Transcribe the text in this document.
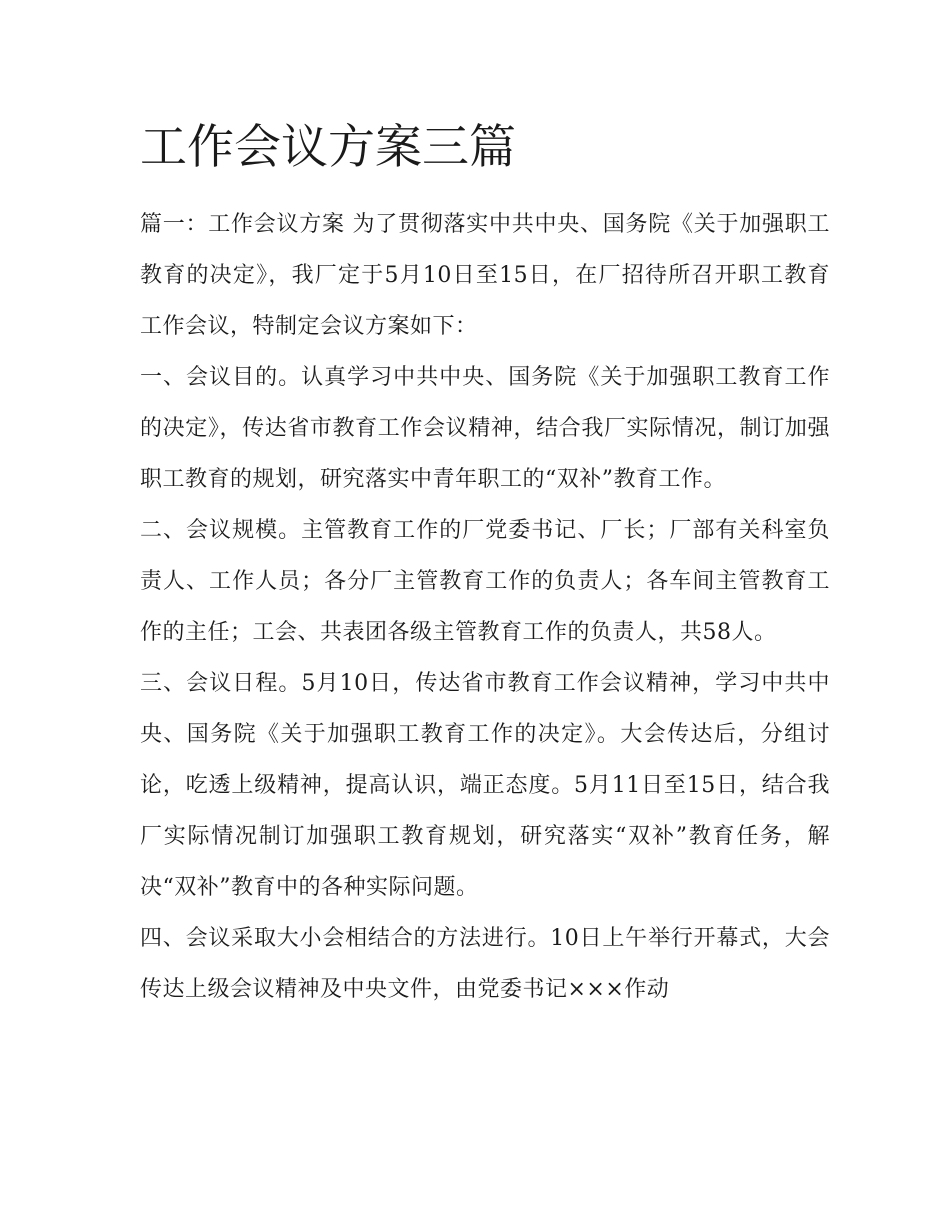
工作会议方案三篇

篇一：工作会议方案 为了贯彻落实中共中央、国务院《关于加强职工教育的决定》，我厂定于5月10日至15日，在厂招待所召开职工教育工作会议，特制定会议方案如下：

一、会议目的。认真学习中共中央、国务院《关于加强职工教育工作的决定》，传达省市教育工作会议精神，结合我厂实际情况，制订加强职工教育的规划，研究落实中青年职工的“双补”教育工作。

二、会议规模。主管教育工作的厂党委书记、厂长；厂部有关科室负责人、工作人员；各分厂主管教育工作的负责人；各车间主管教育工作的主任；工会、共表团各级主管教育工作的负责人，共58人。

三、会议日程。5月10日，传达省市教育工作会议精神，学习中共中央、国务院《关于加强职工教育工作的决定》。大会传达后，分组讨论，吃透上级精神，提高认识，端正态度。5月11日至15日，结合我厂实际情况制订加强职工教育规划，研究落实“双补”教育任务，解决“双补”教育中的各种实际问题。

四、会议采取大小会相结合的方法进行。10日上午举行开幕式，大会传达上级会议精神及中央文件，由党委书记×××作动
